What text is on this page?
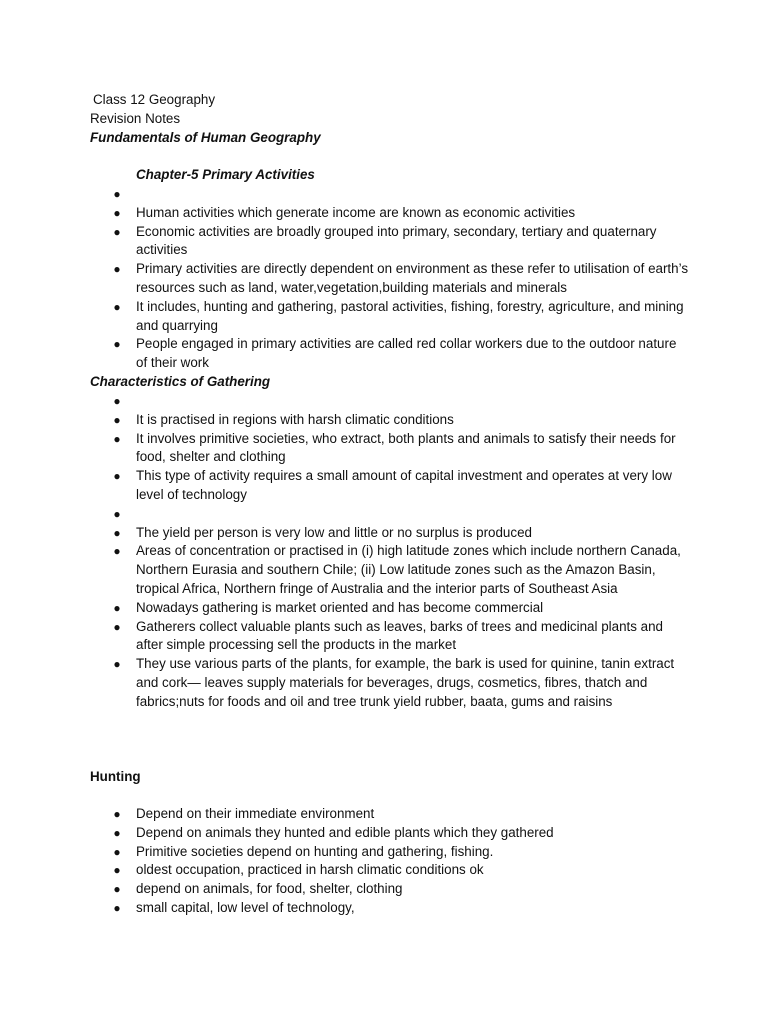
Class 12 Geography
Revision Notes
Fundamentals of Human Geography
Chapter-5 Primary Activities
●
● Human activities which generate income are known as economic activities
● Economic activities are broadly grouped into primary, secondary, tertiary and quaternary activities
● Primary activities are directly dependent on environment as these refer to utilisation of earth’s resources such as land, water,vegetation,building materials and minerals
● It includes, hunting and gathering, pastoral activities, fishing, forestry, agriculture, and mining and quarrying
● People engaged in primary activities are called red collar workers due to the outdoor nature of their work
Characteristics of Gathering
●
● It is practised in regions with harsh climatic conditions
● It involves primitive societies, who extract, both plants and animals to satisfy their needs for food, shelter and clothing
● This type of activity requires a small amount of capital investment and operates at very low level of technology
●
● The yield per person is very low and little or no surplus is produced
● Areas of concentration or practised in (i) high latitude zones which include northern Canada, Northern Eurasia and southern Chile; (ii) Low latitude zones such as the Amazon Basin, tropical Africa, Northern fringe of Australia and the interior parts of Southeast Asia
● Nowadays gathering is market oriented and has become commercial
● Gatherers collect valuable plants such as leaves, barks of trees and medicinal plants and after simple processing sell the products in the market
● They use various parts of the plants, for example, the bark is used for quinine, tanin extract and cork— leaves supply materials for beverages, drugs, cosmetics, fibres, thatch and fabrics;nuts for foods and oil and tree trunk yield rubber, baata, gums and raisins
Hunting
● Depend on their immediate environment
● Depend on animals they hunted and edible plants which they gathered
● Primitive societies depend on hunting and gathering, fishing.
● oldest occupation, practiced in harsh climatic conditions ok
● depend on animals, for food, shelter, clothing
● small capital, low level of technology,
